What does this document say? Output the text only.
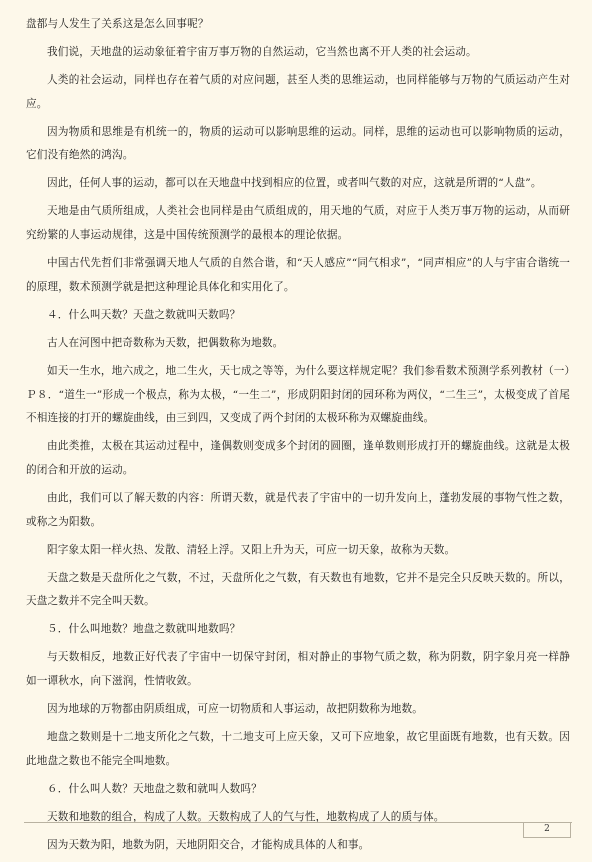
盘都与人发生了关系这是怎么回事呢？

我们说，天地盘的运动象征着宇宙万事万物的自然运动，它当然也离不开人类的社会运动。

人类的社会运动，同样也存在着气质的对应问题，甚至人类的思维运动，也同样能够与万物的气质运动产生对应。

因为物质和思维是有机统一的，物质的运动可以影响思维的运动。同样，思维的运动也可以影响物质的运动，它们没有绝然的鸿沟。

因此，任何人事的运动，都可以在天地盘中找到相应的位置，或者叫气数的对应，这就是所谓的“人盘”。

天地是由气质所组成，人类社会也同样是由气质组成的，用天地的气质，对应于人类万事万物的运动，从而研究纷繁的人事运动规律，这是中国传统预测学的最根本的理论依据。

中国古代先哲们非常强调天地人气质的自然合谐，和“天人感应”“同气相求”，“同声相应”的人与宇宙合谐统一的原理，数术预测学就是把这种理论具体化和实用化了。

４．什么叫天数？天盘之数就叫天数吗？

古人在河图中把奇数称为天数，把偶数称为地数。

如天一生水，地六成之，地二生火，天七成之等等，为什么要这样规定呢？我们参看数术预测学系列教材（一）Ｐ８．“道生一”形成一个极点，称为太极，“一生二”，形成阴阳封闭的园环称为两仪，“二生三”，太极变成了首尾不相连接的打开的螺旋曲线，由三到四，又变成了两个封闭的太极环称为双螺旋曲线。

由此类推，太极在其运动过程中，逢偶数则变成多个封闭的圆圈，逢单数则形成打开的螺旋曲线。这就是太极的闭合和开放的运动。

由此，我们可以了解天数的内容：所谓天数，就是代表了宇宙中的一切升发向上，蓬勃发展的事物气性之数，或称之为阳数。

阳字象太阳一样火热、发散、清轻上浮。又阳上升为天，可应一切天象，故称为天数。

天盘之数是天盘所化之气数，不过，天盘所化之气数，有天数也有地数，它并不是完全只反映天数的。所以，天盘之数并不完全叫天数。

５．什么叫地数？地盘之数就叫地数吗？

与天数相反，地数正好代表了宇宙中一切保守封闭，相对静止的事物气质之数，称为阴数，阴字象月亮一样静如一谭秋水，向下滋润，性情收敛。

因为地球的万物都由阴质组成，可应一切物质和人事运动，故把阴数称为地数。

地盘之数则是十二地支所化之气数，十二地支可上应天象，又可下应地象，故它里面既有地数，也有天数。因此地盘之数也不能完全叫地数。

６．什么叫人数？天地盘之数和就叫人数吗？

天数和地数的组合，构成了人数。天数构成了人的气与性，地数构成了人的质与体。

因为天数为阳，地数为阴，天地阴阳交合，才能构成具体的人和事。

2
